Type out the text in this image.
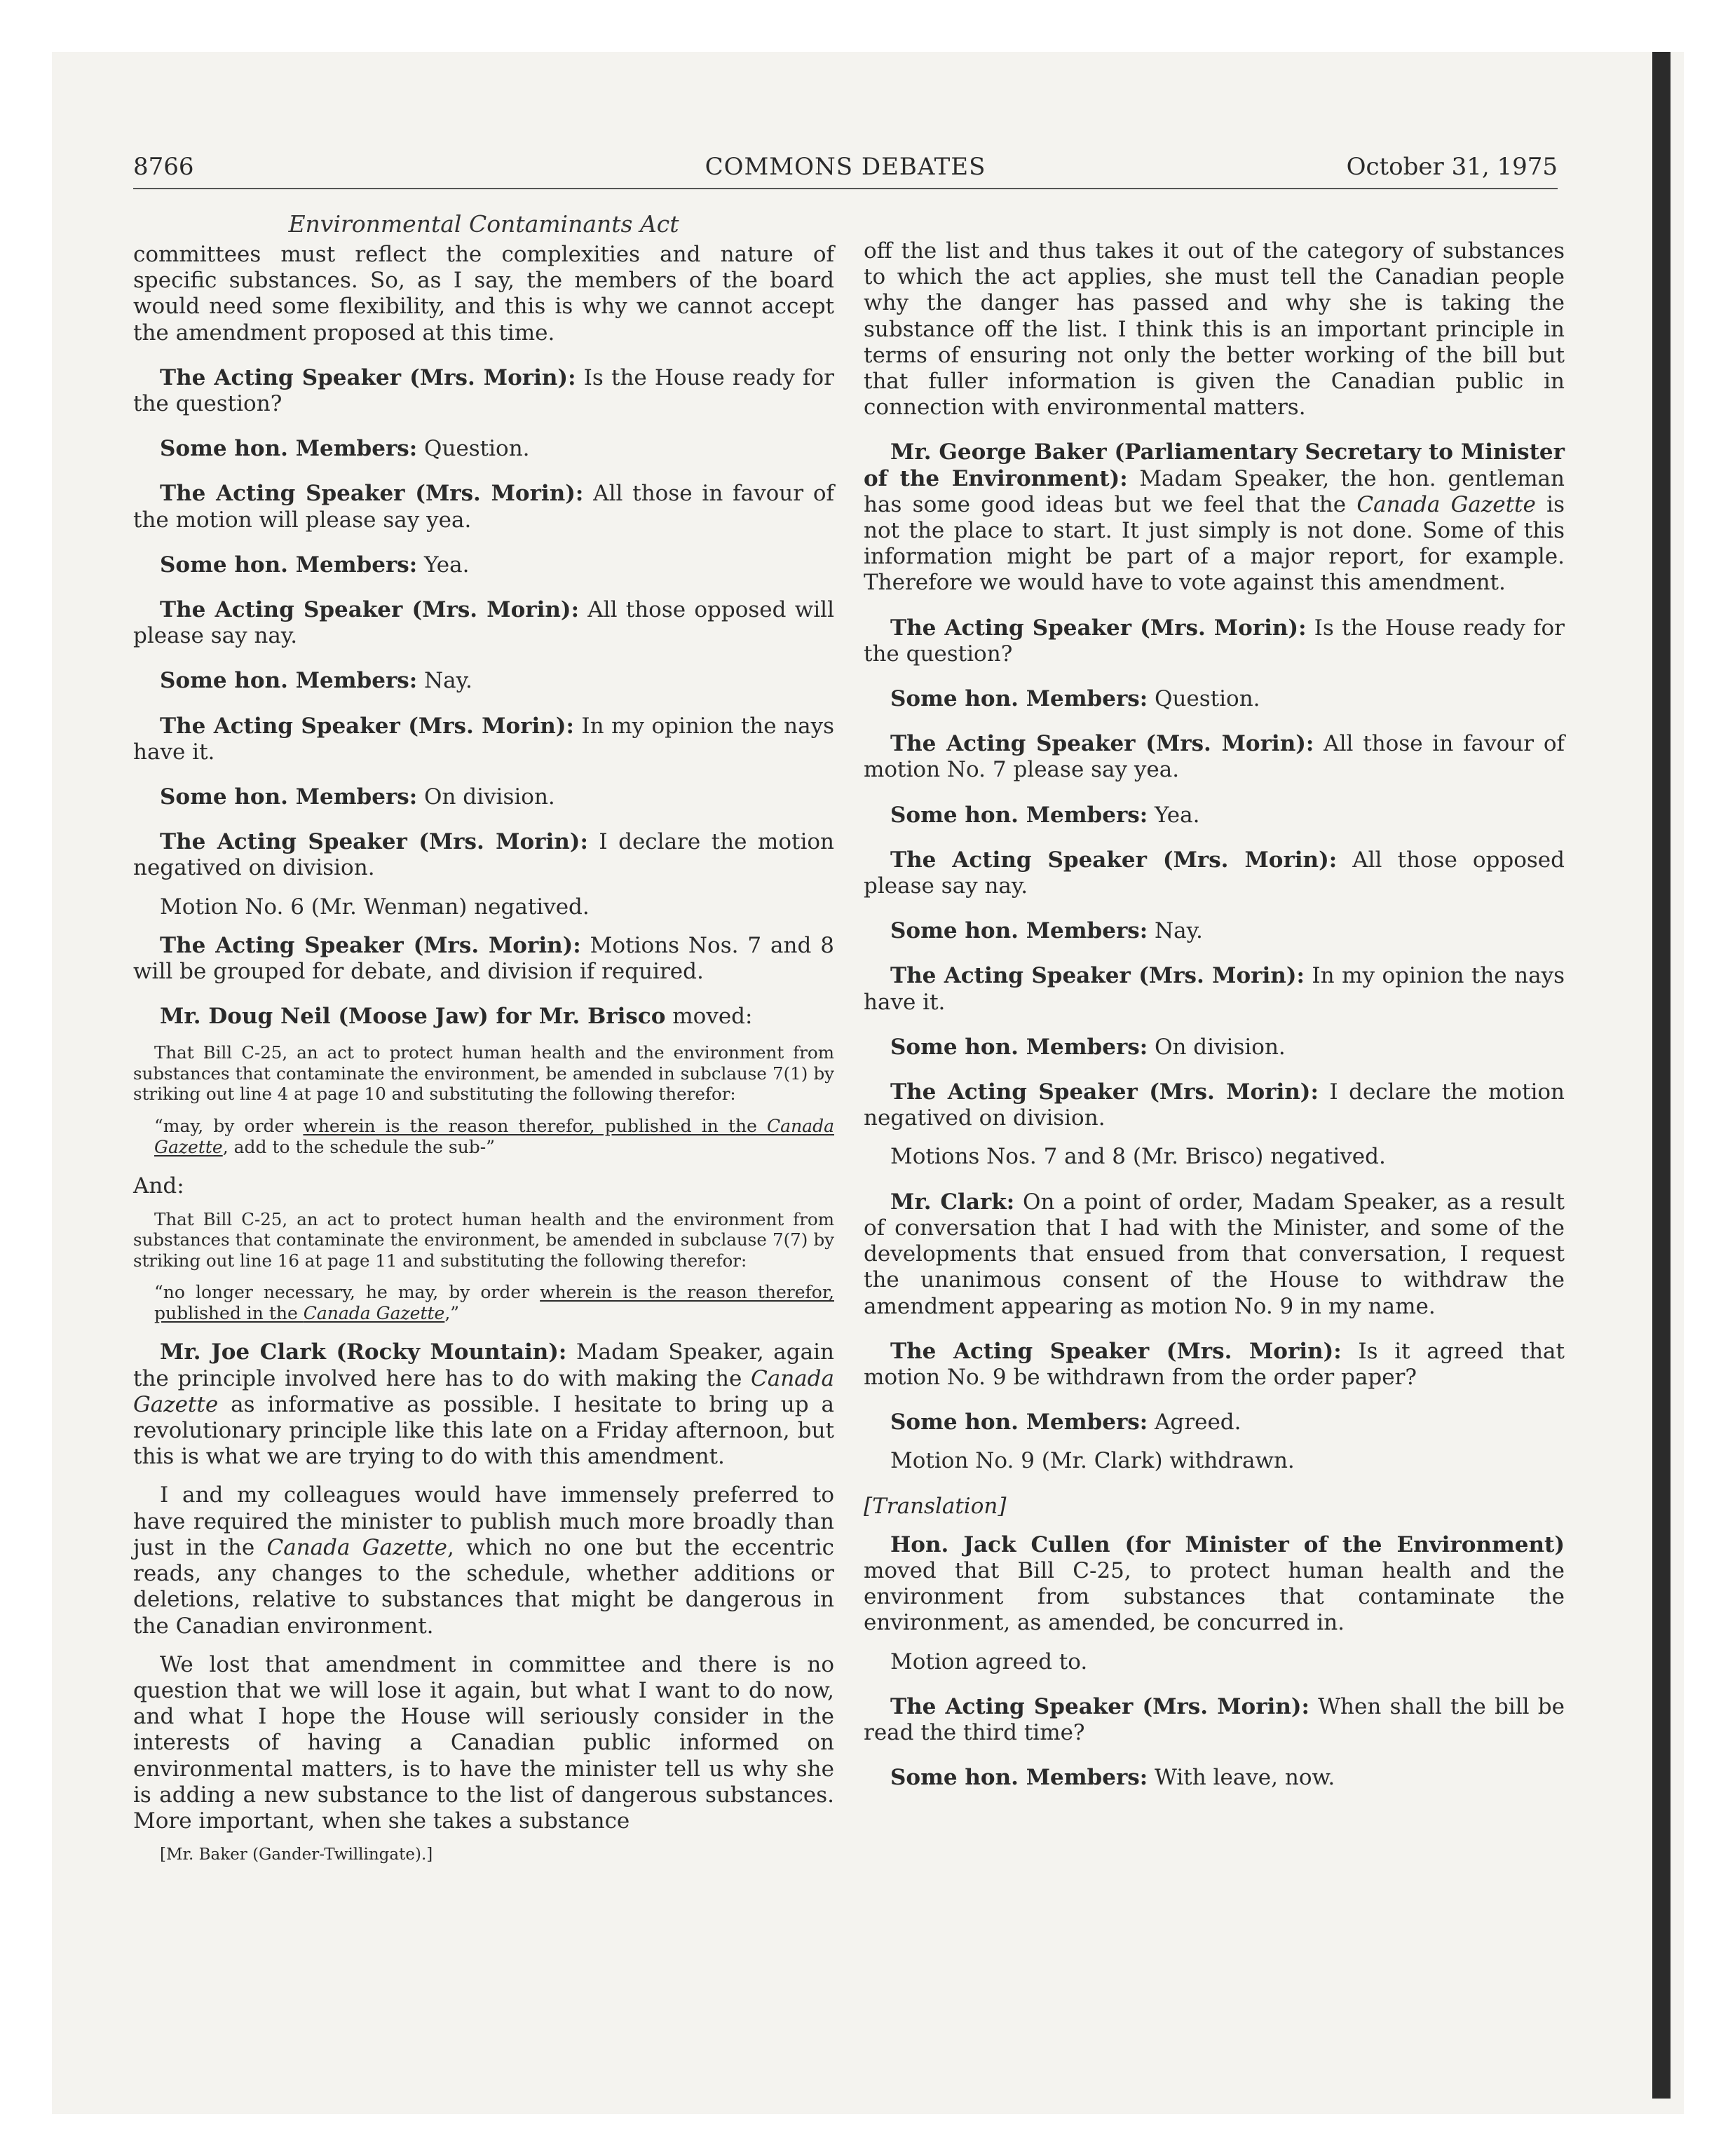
8766	COMMONS DEBATES	October 31, 1975
Environmental Contaminants Act

committees must reflect the complexities and nature of specific substances. So, as I say, the members of the board would need some flexibility, and this is why we cannot accept the amendment proposed at this time.

The Acting Speaker (Mrs. Morin): Is the House ready for the question?

Some hon. Members: Question.

The Acting Speaker (Mrs. Morin): All those in favour of the motion will please say yea.

Some hon. Members: Yea.

The Acting Speaker (Mrs. Morin): All those opposed will please say nay.

Some hon. Members: Nay.

The Acting Speaker (Mrs. Morin): In my opinion the nays have it.

Some hon. Members: On division.

The Acting Speaker (Mrs. Morin): I declare the motion negatived on division.

Motion No. 6 (Mr. Wenman) negatived.

The Acting Speaker (Mrs. Morin): Motions Nos. 7 and 8 will be grouped for debate, and division if required.

Mr. Doug Neil (Moose Jaw) for Mr. Brisco moved:

That Bill C-25, an act to protect human health and the environment from substances that contaminate the environment, be amended in subclause 7(1) by striking out line 4 at page 10 and substituting the following therefor:

“may, by order wherein is the reason therefor, published in the Canada Gazette, add to the schedule the sub-”

And:

That Bill C-25, an act to protect human health and the environment from substances that contaminate the environment, be amended in subclause 7(7) by striking out line 16 at page 11 and substituting the following therefor:

“no longer necessary, he may, by order wherein is the reason therefor, published in the Canada Gazette,”

Mr. Joe Clark (Rocky Mountain): Madam Speaker, again the principle involved here has to do with making the Canada Gazette as informative as possible. I hesitate to bring up a revolutionary principle like this late on a Friday afternoon, but this is what we are trying to do with this amendment.

I and my colleagues would have immensely preferred to have required the minister to publish much more broadly than just in the Canada Gazette, which no one but the eccentric reads, any changes to the schedule, whether additions or deletions, relative to substances that might be dangerous in the Canadian environment.

We lost that amendment in committee and there is no question that we will lose it again, but what I want to do now, and what I hope the House will seriously consider in the interests of having a Canadian public informed on environmental matters, is to have the minister tell us why she is adding a new substance to the list of dangerous substances. More important, when she takes a substance

[Mr. Baker (Gander-Twillingate).]

off the list and thus takes it out of the category of substances to which the act applies, she must tell the Canadian people why the danger has passed and why she is taking the substance off the list. I think this is an important principle in terms of ensuring not only the better working of the bill but that fuller information is given the Canadian public in connection with environmental matters.

Mr. George Baker (Parliamentary Secretary to Minister of the Environment): Madam Speaker, the hon. gentleman has some good ideas but we feel that the Canada Gazette is not the place to start. It just simply is not done. Some of this information might be part of a major report, for example. Therefore we would have to vote against this amendment.

The Acting Speaker (Mrs. Morin): Is the House ready for the question?

Some hon. Members: Question.

The Acting Speaker (Mrs. Morin): All those in favour of motion No. 7 please say yea.

Some hon. Members: Yea.

The Acting Speaker (Mrs. Morin): All those opposed please say nay.

Some hon. Members: Nay.

The Acting Speaker (Mrs. Morin): In my opinion the nays have it.

Some hon. Members: On division.

The Acting Speaker (Mrs. Morin): I declare the motion negatived on division.

Motions Nos. 7 and 8 (Mr. Brisco) negatived.

Mr. Clark: On a point of order, Madam Speaker, as a result of conversation that I had with the Minister, and some of the developments that ensued from that conversation, I request the unanimous consent of the House to withdraw the amendment appearing as motion No. 9 in my name.

The Acting Speaker (Mrs. Morin): Is it agreed that motion No. 9 be withdrawn from the order paper?

Some hon. Members: Agreed.

Motion No. 9 (Mr. Clark) withdrawn.

[Translation]

Hon. Jack Cullen (for Minister of the Environment) moved that Bill C-25, to protect human health and the environment from substances that contaminate the environment, as amended, be concurred in.

Motion agreed to.

The Acting Speaker (Mrs. Morin): When shall the bill be read the third time?

Some hon. Members: With leave, now.
